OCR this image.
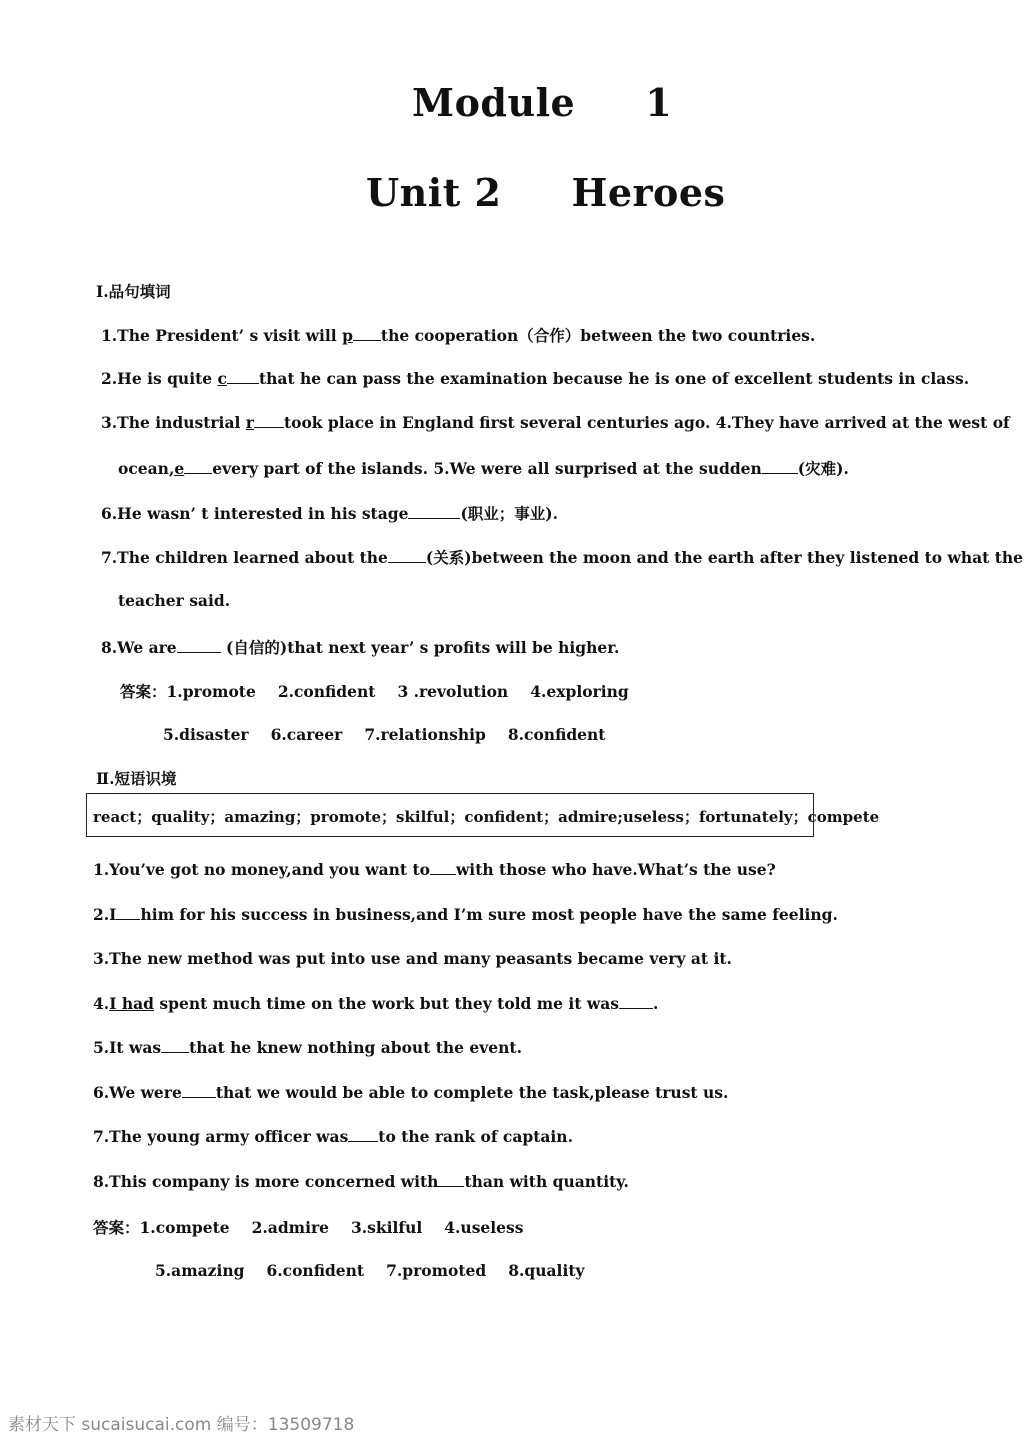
Module 1
Unit 2 Heroes
Ⅰ.品句填词
1.The President’ s visit will p the cooperation（合作）between the two countries.
2.He is quite c that he can pass the examination because he is one of excellent students in class.
3.The industrial r took place in England first several centuries ago. 4.They have arrived at the west of
ocean,e every part of the islands. 5.We were all surprised at the sudden (灾难).
6.He wasn’ t interested in his stage	(职业；事业).
7.The children learned about the (关系)between the moon and the earth after they listened to what the
teacher said.
8.We are	(自信的)that next year’ s profits will be higher.
答案：1.promote 2.confident 3 .revolution 4.exploring
5.disaster 6.career 7.relationship 8.confident
Ⅱ.短语识境
react；quality；amazing；promote；skilful；confident；admire;useless；fortunately；compete
1.You’ve got no money,and you want to with those who have.What’s the use?
2.I him for his success in business,and I’m sure most people have the same feeling.
3.The new method was put into use and many peasants became very at it.
4.I had spent much time on the work but they told me it was .
5.It was that he knew nothing about the event.
6.We were that we would be able to complete the task,please trust us.
7.The young army officer was to the rank of captain.
8.This company is more concerned with than with quantity.
答案：1.compete 2.admire 3.skilful 4.useless
5.amazing 6.confident 7.promoted 8.quality
素材天下 sucaisucai.com 编号：13509718
